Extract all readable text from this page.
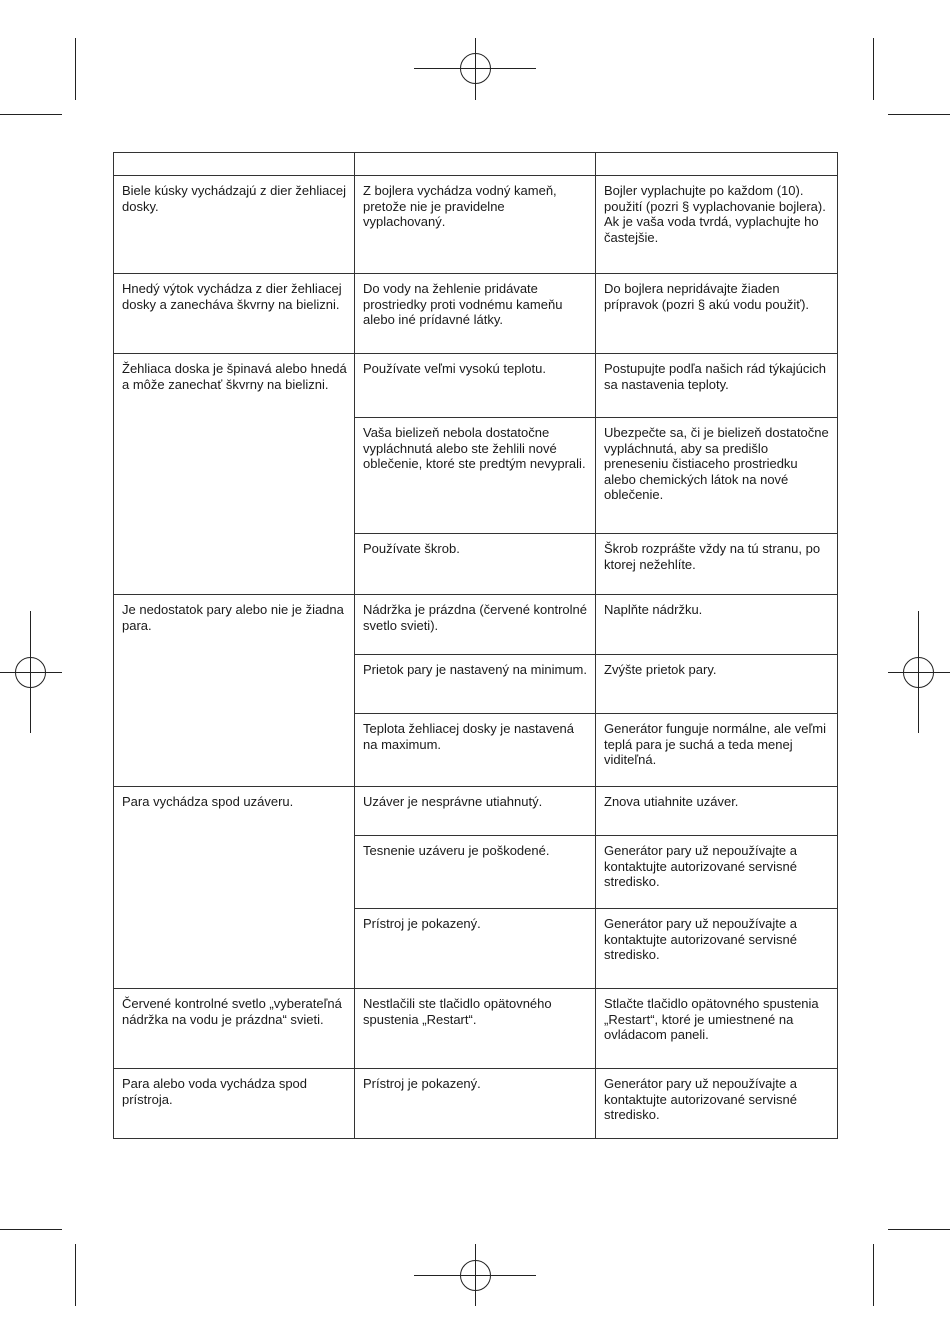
Biele kúsky vychádzajú z dier žehliacej dosky.	Z bojlera vychádza vodný kameň, pretože nie je pravidelne vyplachovaný.	Bojler vyplachujte po každom (10). použití (pozri § vyplachovanie bojlera). Ak je vaša voda tvrdá, vyplachujte ho častejšie.
Hnedý výtok vychádza z dier žehliacej dosky a zanecháva škvrny na bielizni.	Do vody na žehlenie pridávate prostriedky proti vodnému kameňu alebo iné prídavné látky.	Do bojlera nepridávajte žiaden prípravok (pozri § akú vodu použiť).
Žehliaca doska je špinavá alebo hnedá a môže zanechať škvrny na bielizni.	Používate veľmi vysokú teplotu.	Postupujte podľa našich rád týkajúcich sa nastavenia teploty.
	Vaša bielizeň nebola dostatočne vypláchnutá alebo ste žehlili nové oblečenie, ktoré ste predtým nevyprali.	Ubezpečte sa, či je bielizeň dostatočne vypláchnutá, aby sa predišlo preneseniu čistiaceho prostriedku alebo chemických látok na nové oblečenie.
	Používate škrob.	Škrob rozprášte vždy na tú stranu, po ktorej nežehlíte.
Je nedostatok pary alebo nie je žiadna para.	Nádržka je prázdna (červené kontrolné svetlo svieti).	Naplňte nádržku.
	Prietok pary je nastavený na minimum.	Zvýšte prietok pary.
	Teplota žehliacej dosky je nastavená na maximum.	Generátor funguje normálne, ale veľmi teplá para je suchá a teda menej viditeľná.
Para vychádza spod uzáveru.	Uzáver je nesprávne utiahnutý.	Znova utiahnite uzáver.
	Tesnenie uzáveru je poškodené.	Generátor pary už nepoužívajte a kontaktujte autorizované servisné stredisko.
	Prístroj je pokazený.	Generátor pary už nepoužívajte a kontaktujte autorizované servisné stredisko.
Červené kontrolné svetlo „vyberateľná nádržka na vodu je prázdna“ svieti.	Nestlačili ste tlačidlo opätovného spustenia „Restart“.	Stlačte tlačidlo opätovného spustenia „Restart“, ktoré je umiestnené na ovládacom paneli.
Para alebo voda vychádza spod prístroja.	Prístroj je pokazený.	Generátor pary už nepoužívajte a kontaktujte autorizované servisné stredisko.
